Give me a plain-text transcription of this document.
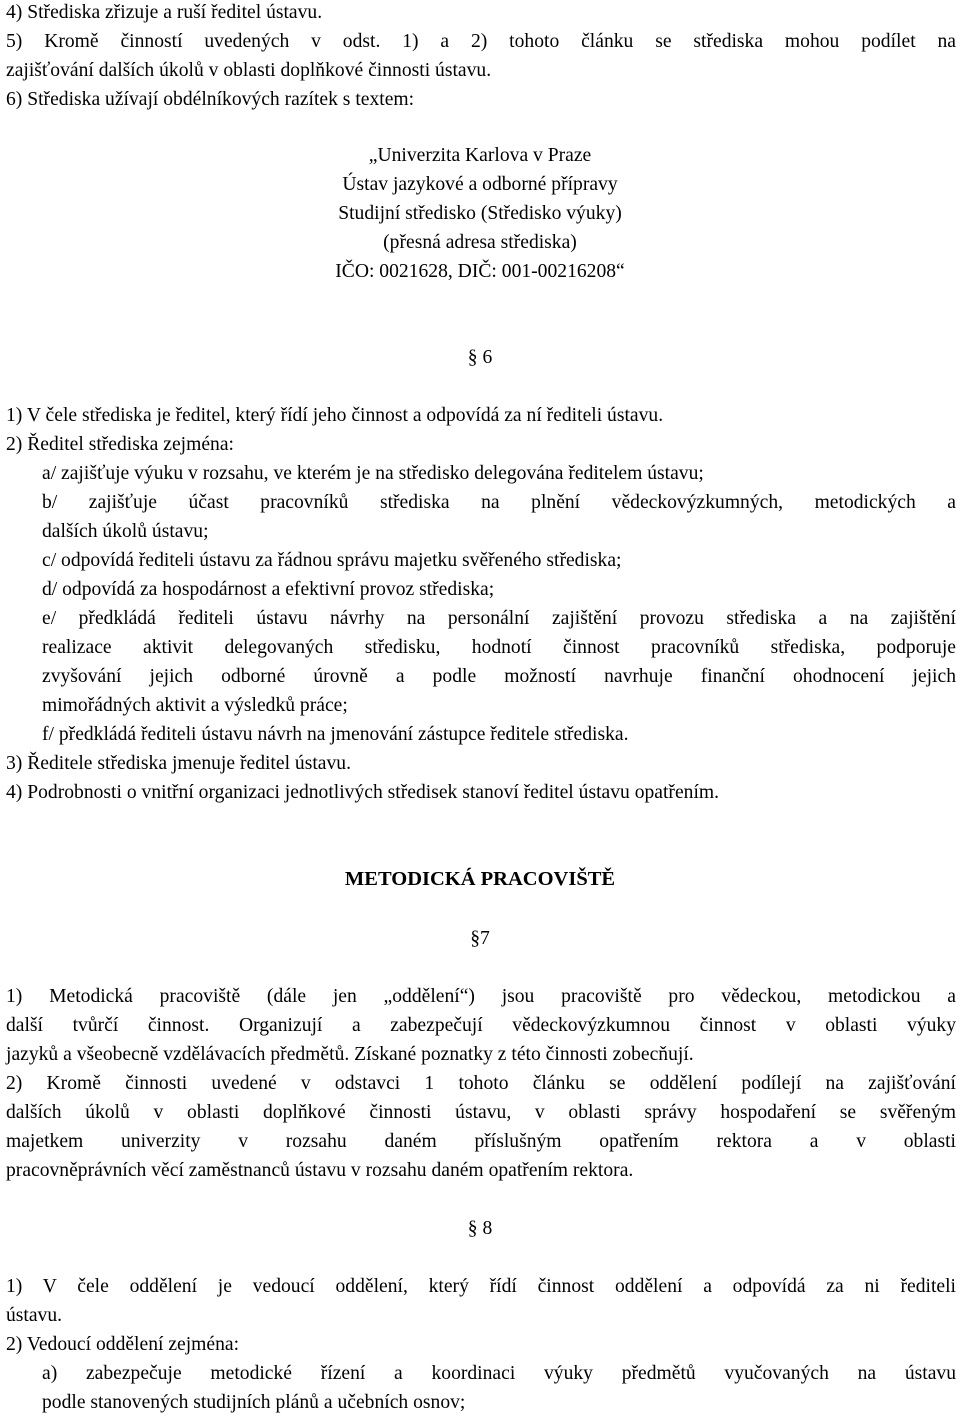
4) Střediska zřizuje a ruší ředitel ústavu.
5) Kromě činností uvedených v odst. 1) a 2) tohoto článku se střediska mohou podílet na
zajišťování dalších úkolů v oblasti doplňkové činnosti ústavu.
6) Střediska užívají obdélníkových razítek s textem:
„Univerzita Karlova v Praze
Ústav jazykové a odborné přípravy
Studijní středisko (Středisko výuky)
(přesná adresa střediska)
IČO: 0021628, DIČ: 001-00216208“
§ 6
1) V čele střediska je ředitel, který řídí jeho činnost a odpovídá za ní řediteli ústavu.
2) Ředitel střediska zejména:
a/ zajišťuje výuku v rozsahu, ve kterém je na středisko delegována ředitelem ústavu;
b/ zajišťuje účast pracovníků střediska na plnění vědeckovýzkumných, metodických a
dalších úkolů ústavu;
c/ odpovídá řediteli ústavu za řádnou správu majetku svěřeného střediska;
d/ odpovídá za hospodárnost a efektivní provoz střediska;
e/ předkládá řediteli ústavu návrhy na personální zajištění provozu střediska a na zajištění
realizace aktivit delegovaných středisku, hodnotí činnost pracovníků střediska, podporuje
zvyšování jejich odborné úrovně a podle možností navrhuje finanční ohodnocení jejich
mimořádných aktivit a výsledků práce;
f/ předkládá řediteli ústavu návrh na jmenování zástupce ředitele střediska.
3) Ředitele střediska jmenuje ředitel ústavu.
4) Podrobnosti o vnitřní organizaci jednotlivých středisek stanoví ředitel ústavu opatřením.
METODICKÁ PRACOVIŠTĚ
§7
1) Metodická pracoviště (dále jen „oddělení“) jsou pracoviště pro vědeckou, metodickou a
další tvůrčí činnost. Organizují a zabezpečují vědeckovýzkumnou činnost v oblasti výuky
jazyků a všeobecně vzdělávacích předmětů. Získané poznatky z této činnosti zobecňují.
2) Kromě činnosti uvedené v odstavci 1 tohoto článku se oddělení podílejí na zajišťování
dalších úkolů v oblasti doplňkové činnosti ústavu, v oblasti správy hospodaření se svěřeným
majetkem univerzity v rozsahu daném příslušným opatřením rektora a v oblasti
pracovněprávních věcí zaměstnanců ústavu v rozsahu daném opatřením rektora.
§ 8
1) V čele oddělení je vedoucí oddělení, který řídí činnost oddělení a odpovídá za ni řediteli
ústavu.
2) Vedoucí oddělení zejména:
a) zabezpečuje metodické řízení a koordinaci výuky předmětů vyučovaných na ústavu
podle stanovených studijních plánů a učebních osnov;
